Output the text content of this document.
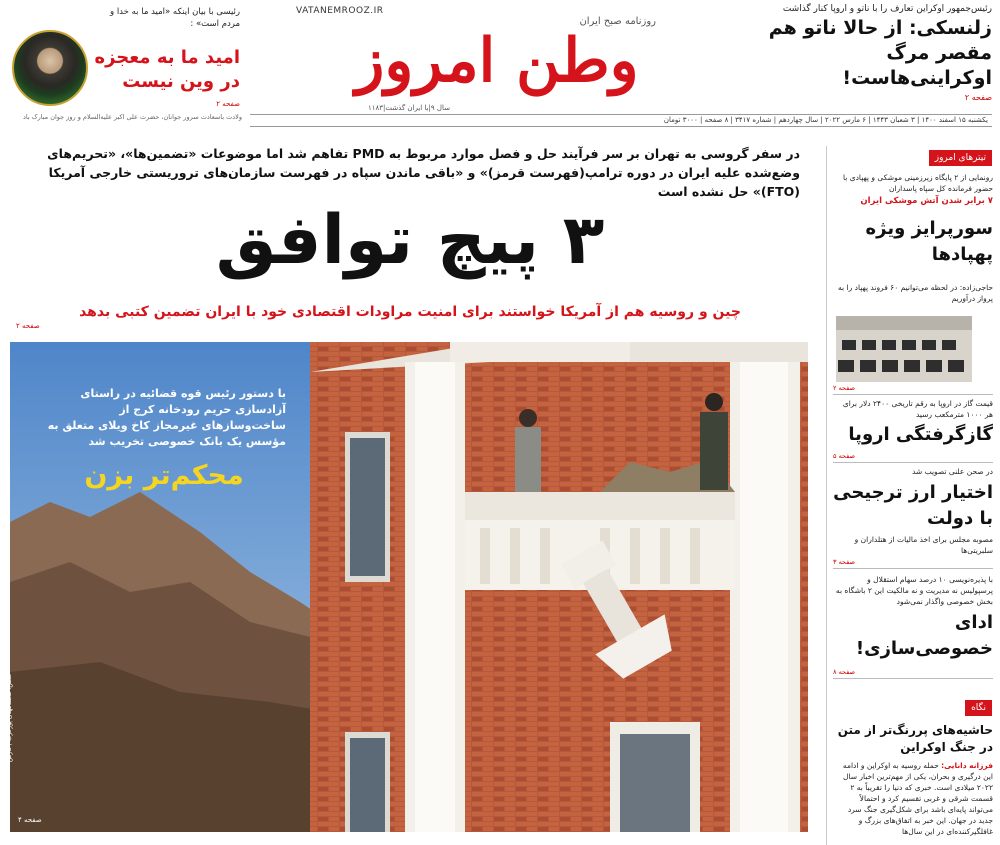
رئیس‌جمهور اوکراین تعارف را با ناتو و اروپا کنار گذاشت
زلنسکی: از حالا ناتو هم مقصر مرگ اوکراینی‌هاست!
صفحه ۲
VATANEMROOZ.IR
روزنامه صبح ایران
وطن امروز
۱۱۸۳|سال ۹|با ایران گذشت
رئیسی با بیان اینکه «امید ما به خدا و مردم است» :
امید ما به معجزه در وین نیست
صفحه ۲
ولادت باسعادت سرور جوانان، حضرت علی اکبر علیه‌السلام و روز جوان مبارک باد	یکشنبه ۱۵ اسفند ۱۴۰۰ | ۳ شعبان ۱۴۴۳ | ۶ مارس ۲۰۲۲ | سال چهاردهم | شماره ۳۴۱۷ | ۸ صفحه | ۳۰۰۰ تومان
در سفر گروسی به تهران بر سر فرآیند حل و فصل موارد مربوط به PMD تفاهم شد اما موضوعات «تضمین‌ها»، «تحریم‌های وضع‌شده علیه ایران در دوره ترامپ(فهرست قرمز)» و «باقی ماندن سپاه در فهرست سازمان‌های تروریستی خارجی آمریکا (FTO)» حل نشده است
۳ پیچ توافق
چین و روسیه هم از آمریکا خواستند برای امنیت مراودات اقتصادی خود با ایران تضمین کتبی بدهد
صفحه ۲
با دستور رئیس قوه قضائیه در راستای آزادسازی حریم رودخانه کرج از ساخت‌وسازهای غیرمجاز کاخ ویلای متعلق به مؤسس یک بانک خصوصی تخریب شد
محکم‌تر بزن
عکس: محمدمهدی پورعرب / فارس
صفحه ۴
تیترهای امروز
رونمایی از ۲ پایگاه زیرزمینی موشکی و پهپادی با حضور فرمانده کل سپاه پاسداران
۷ برابر شدن آتش موشکی ایران
سورپرایز ویژه پهپادها
حاجی‌زاده: در لحظه می‌توانیم ۶۰ فروند پهپاد را به پرواز درآوریم
صفحه ۲
قیمت گاز در اروپا به رقم تاریخی ۲۴۰۰ دلار برای هر ۱۰۰۰ مترمکعب رسید
گازگرفتگی اروپا
صفحه ۵
در صحن علنی تصویب شد
اختیار ارز ترجیحی با دولت
مصوبه مجلس برای اخذ مالیات از هتلداران و سلبریتی‌ها
صفحه ۳
با پذیره‌نویسی ۱۰ درصد سهام استقلال و پرسپولیس نه مدیریت و نه مالکیت این ۲ باشگاه به بخش خصوصی واگذار نمی‌شود
ادای خصوصی‌سازی!
صفحه ۸
نگاه
حاشیه‌های پررنگ‌تر از متن در جنگ اوکراین
فرزانه دانایی: حمله روسیه به اوکراین و ادامه این درگیری و بحران، یکی از مهم‌ترین اخبار سال ۲۰۲۲ میلادی است. خبری که دنیا را تقریباً به ۲ قسمت شرقی و غربی تقسیم کرد و احتمالاً می‌تواند پایه‌ای باشد برای شکل‌گیری جنگ سرد جدید در جهان. این خبر به اتفاق‌های بزرگ و غافلگیرکننده‌ای در این سال‌ها
